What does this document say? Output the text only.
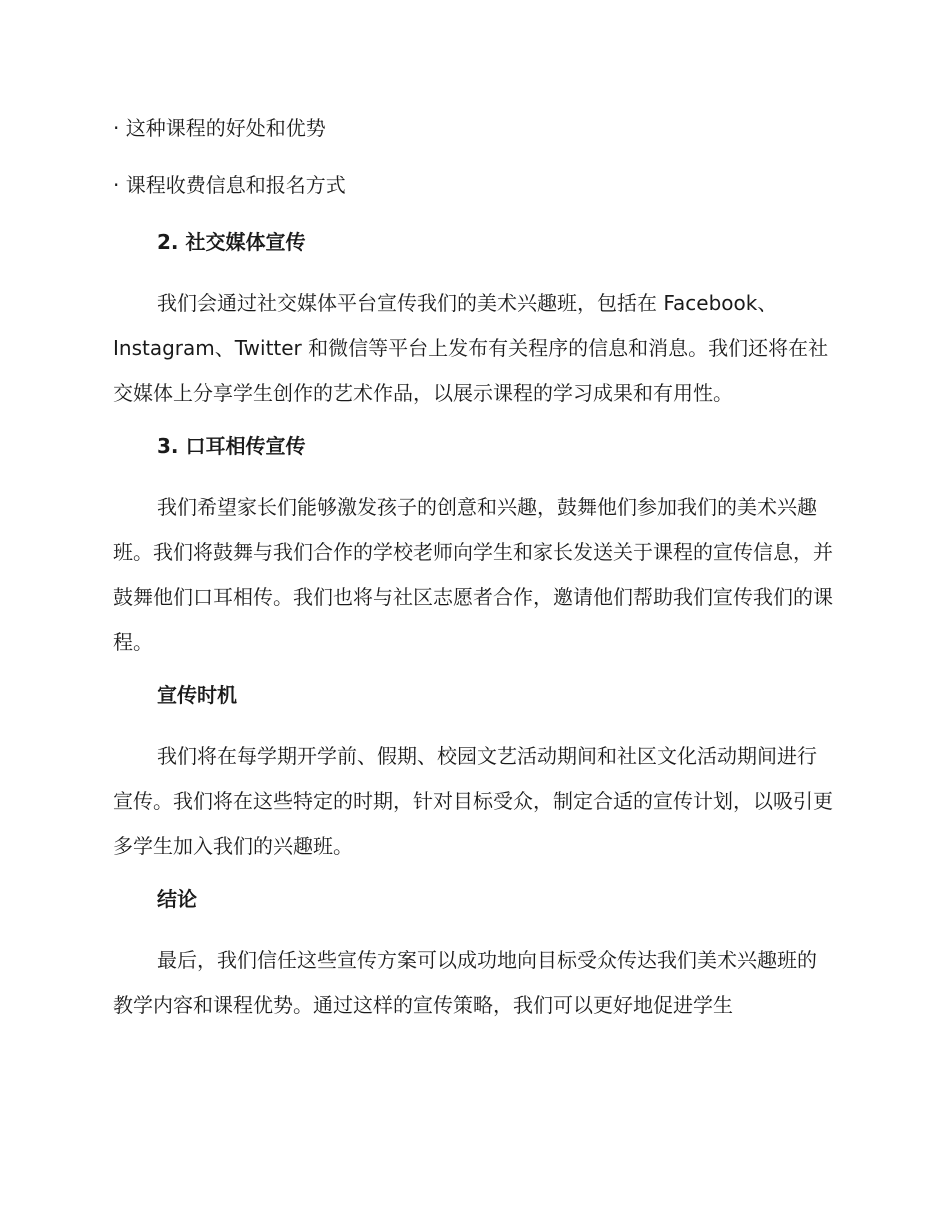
· 这种课程的好处和优势
· 课程收费信息和报名方式
2. 社交媒体宣传

我们会通过社交媒体平台宣传我们的美术兴趣班，包括在 Facebook、Instagram、Twitter 和微信等平台上发布有关程序的信息和消息。我们还将在社交媒体上分享学生创作的艺术作品，以展示课程的学习成果和有用性。

3. 口耳相传宣传

我们希望家长们能够激发孩子的创意和兴趣，鼓舞他们参加我们的美术兴趣班。我们将鼓舞与我们合作的学校老师向学生和家长发送关于课程的宣传信息，并鼓舞他们口耳相传。我们也将与社区志愿者合作，邀请他们帮助我们宣传我们的课程。

宣传时机

我们将在每学期开学前、假期、校园文艺活动期间和社区文化活动期间进行宣传。我们将在这些特定的时期，针对目标受众，制定合适的宣传计划，以吸引更多学生加入我们的兴趣班。

结论

最后，我们信任这些宣传方案可以成功地向目标受众传达我们美术兴趣班的教学内容和课程优势。通过这样的宣传策略，我们可以更好地促进学生
